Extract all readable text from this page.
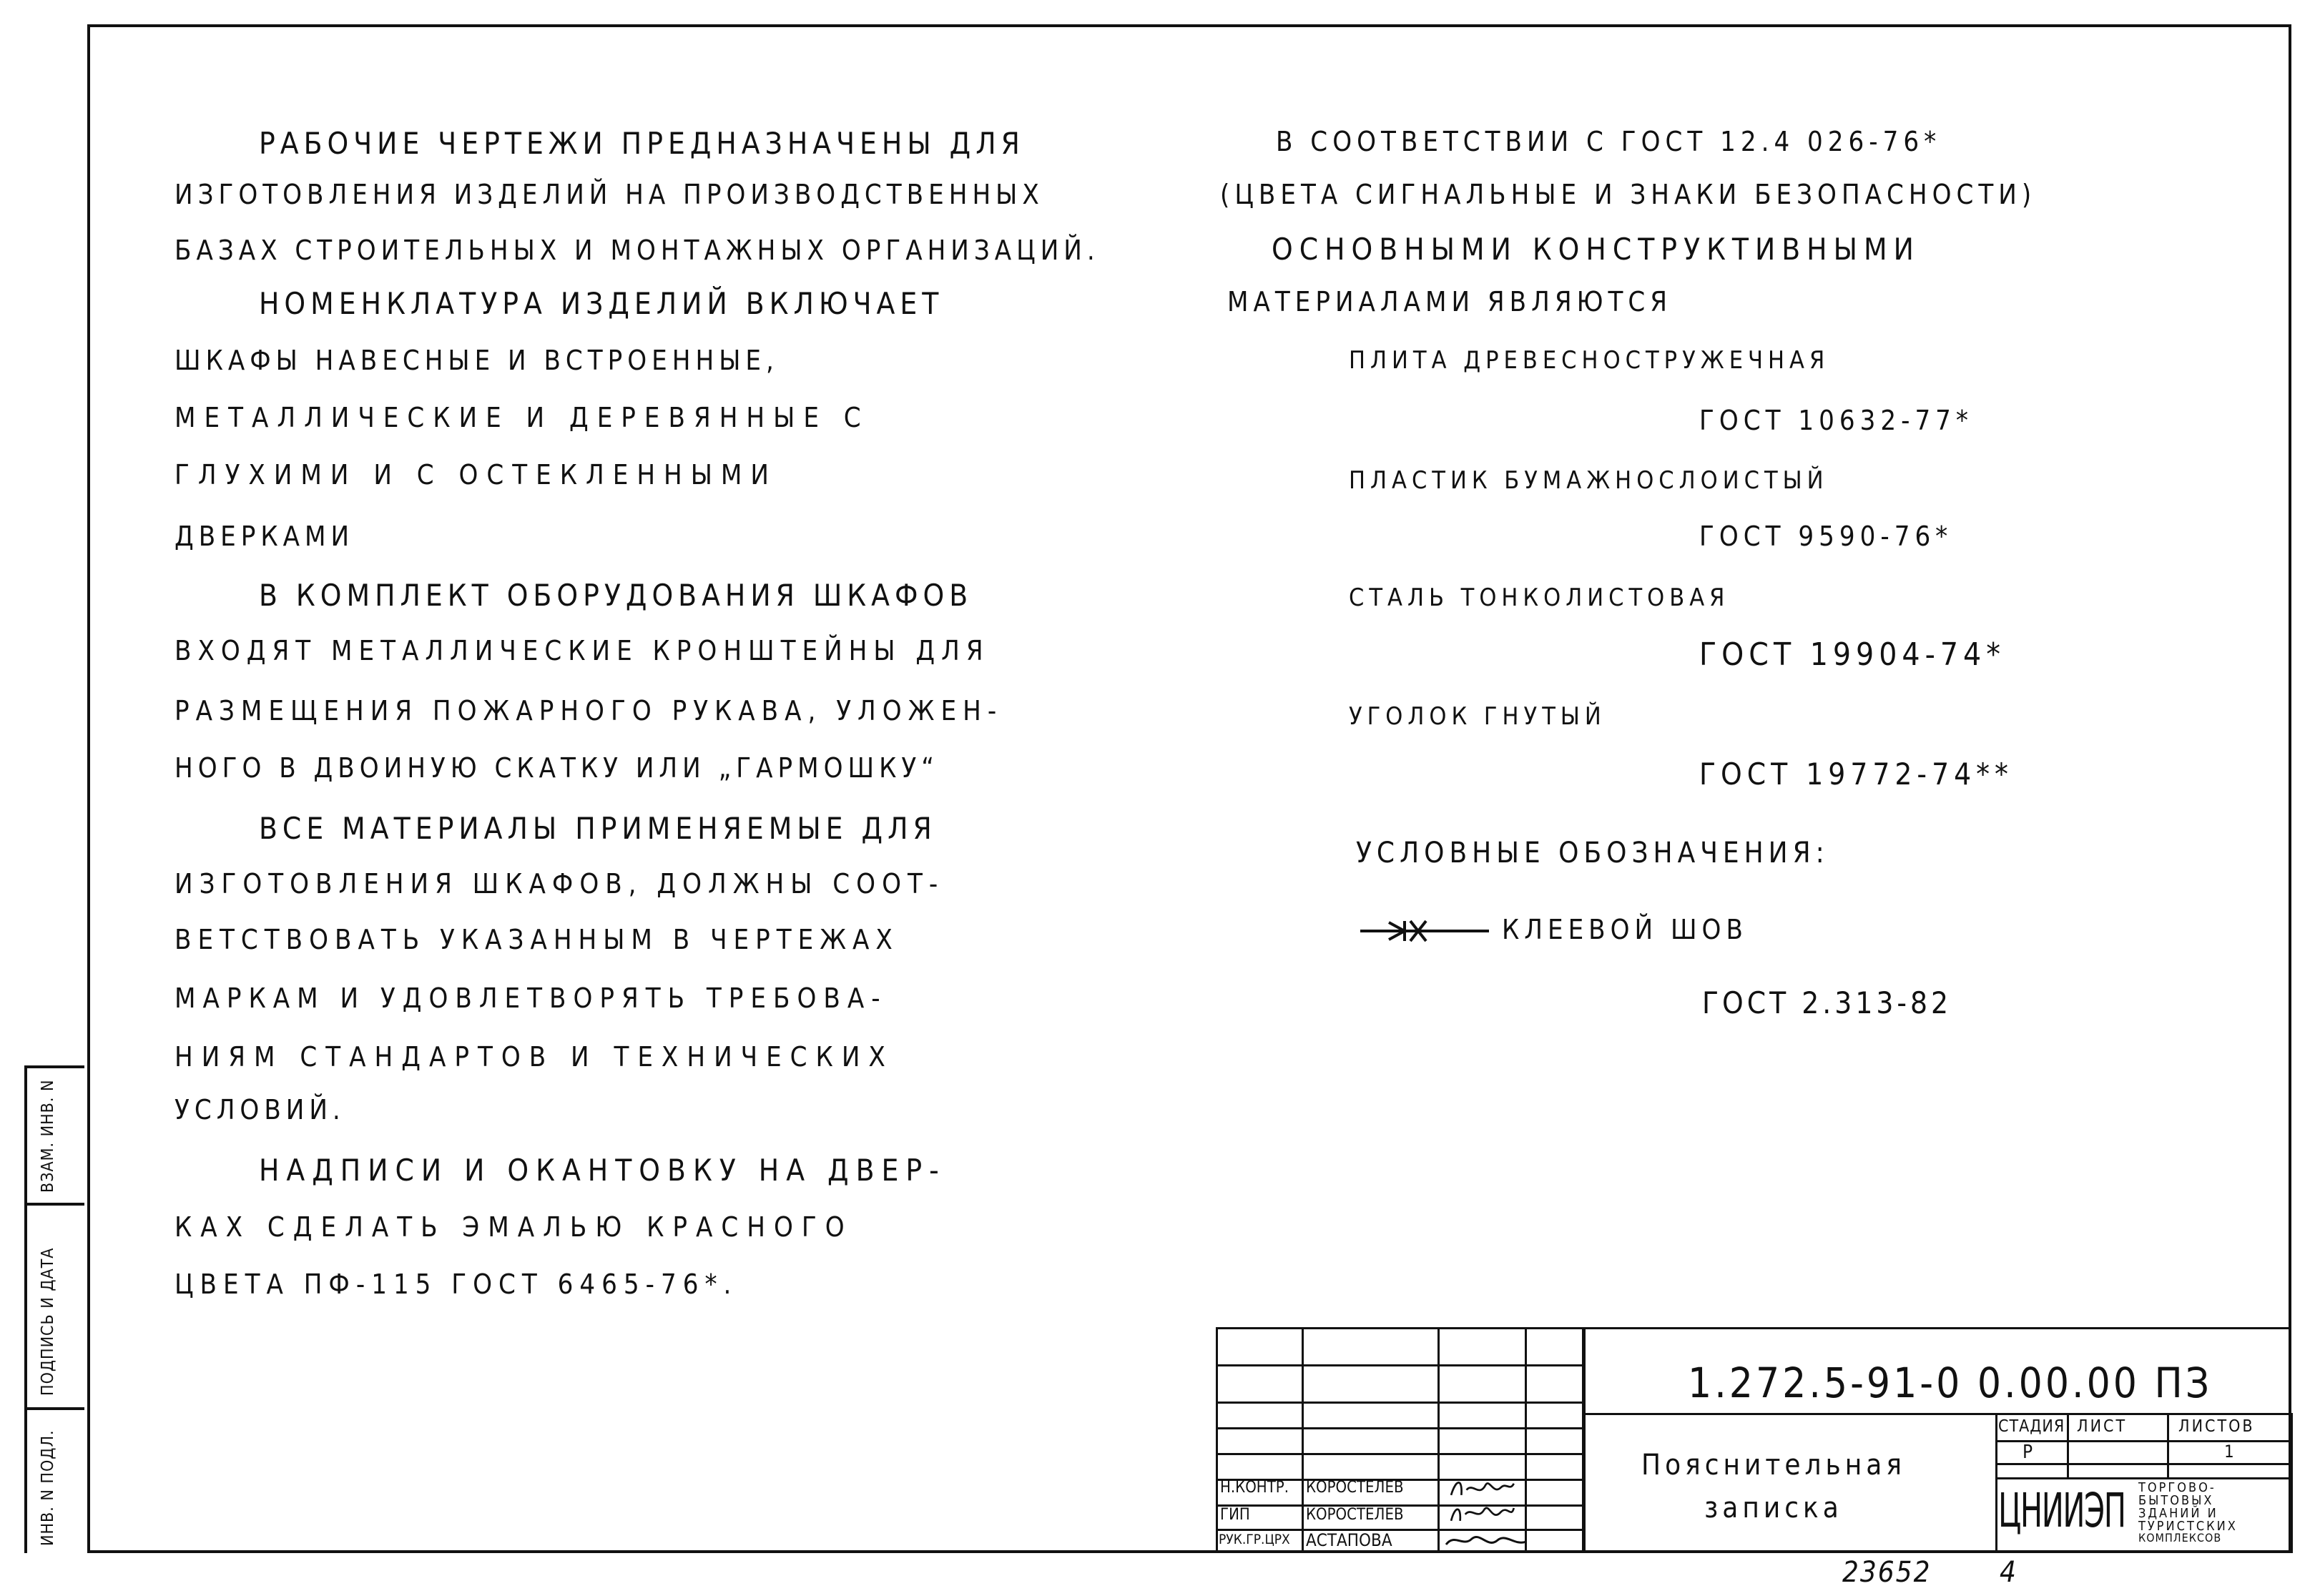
РАБОЧИЕ ЧЕРТЕЖИ ПРЕДНАЗНАЧЕНЫ ДЛЯ
ИЗГОТОВЛЕНИЯ ИЗДЕЛИЙ НА ПРОИЗВОДСТВЕННЫХ
БАЗАХ СТРОИТЕЛЬНЫХ И МОНТАЖНЫХ ОРГАНИЗАЦИЙ.
НОМЕНКЛАТУРА ИЗДЕЛИЙ ВКЛЮЧАЕТ
ШКАФЫ НАВЕСНЫЕ И ВСТРОЕННЫЕ,
МЕТАЛЛИЧЕСКИЕ И ДЕРЕВЯННЫЕ С
ГЛУХИМИ И С ОСТЕКЛЕННЫМИ
ДВЕРКАМИ
В КОМПЛЕКТ ОБОРУДОВАНИЯ ШКАФОВ
ВХОДЯТ МЕТАЛЛИЧЕСКИЕ КРОНШТЕЙНЫ ДЛЯ
РАЗМЕЩЕНИЯ ПОЖАРНОГО РУКАВА, УЛОЖЕН-
НОГО В ДВОИНУЮ СКАТКУ ИЛИ „ГАРМОШКУ“
ВСЕ МАТЕРИАЛЫ ПРИМЕНЯЕМЫЕ ДЛЯ
ИЗГОТОВЛЕНИЯ ШКАФОВ, ДОЛЖНЫ СООТ-
ВЕТСТВОВАТЬ УКАЗАННЫМ В ЧЕРТЕЖАХ
МАРКАМ И УДОВЛЕТВОРЯТЬ ТРЕБОВА-
НИЯМ СТАНДАРТОВ И ТЕХНИЧЕСКИХ
УСЛОВИЙ.
НАДПИСИ И ОКАНТОВКУ НА ДВЕР-
КАХ СДЕЛАТЬ ЭМАЛЬЮ КРАСНОГО
ЦВЕТА ПФ-115 ГОСТ 6465-76*.
В СООТВЕТСТВИИ С ГОСТ 12.4 026-76*
(ЦВЕТА СИГНАЛЬНЫЕ И ЗНАКИ БЕЗОПАСНОСТИ)
ОСНОВНЫМИ КОНСТРУКТИВНЫМИ
МАТЕРИАЛАМИ ЯВЛЯЮТСЯ
ПЛИТА ДРЕВЕСНОСТРУЖЕЧНАЯ
ГОСТ 10632-77*
ПЛАСТИК БУМАЖНОСЛОИСТЫЙ
ГОСТ 9590-76*
СТАЛЬ ТОНКОЛИСТОВАЯ
ГОСТ 19904-74*
УГОЛОК ГНУТЫЙ
ГОСТ 19772-74**
УСЛОВНЫЕ ОБОЗНАЧЕНИЯ:
КЛЕЕВОЙ ШОВ
ГОСТ 2.313-82
ВЗАМ. ИНВ. N
ПОДПИСЬ И ДАТА
ИНВ. N ПОДЛ.	Н.КОНТР. КОРОСТЕЛЕВ
ГИП	КОРОСТЕЛЕВ
РУК.ГР.ЦРХ АСТАПОВА
1.272.5-91-0 0.00.00 ПЗ
Пояснительная
записка
СТАДИЯ ЛИСТ	ЛИСТОВ
Р	1
ЦНИИЭП ТОРГОВО-
БЫТОВЫХ
ЗДАНИЙ И
ТУРИСТСКИХ
КОМПЛЕКСОВ
23652 4
